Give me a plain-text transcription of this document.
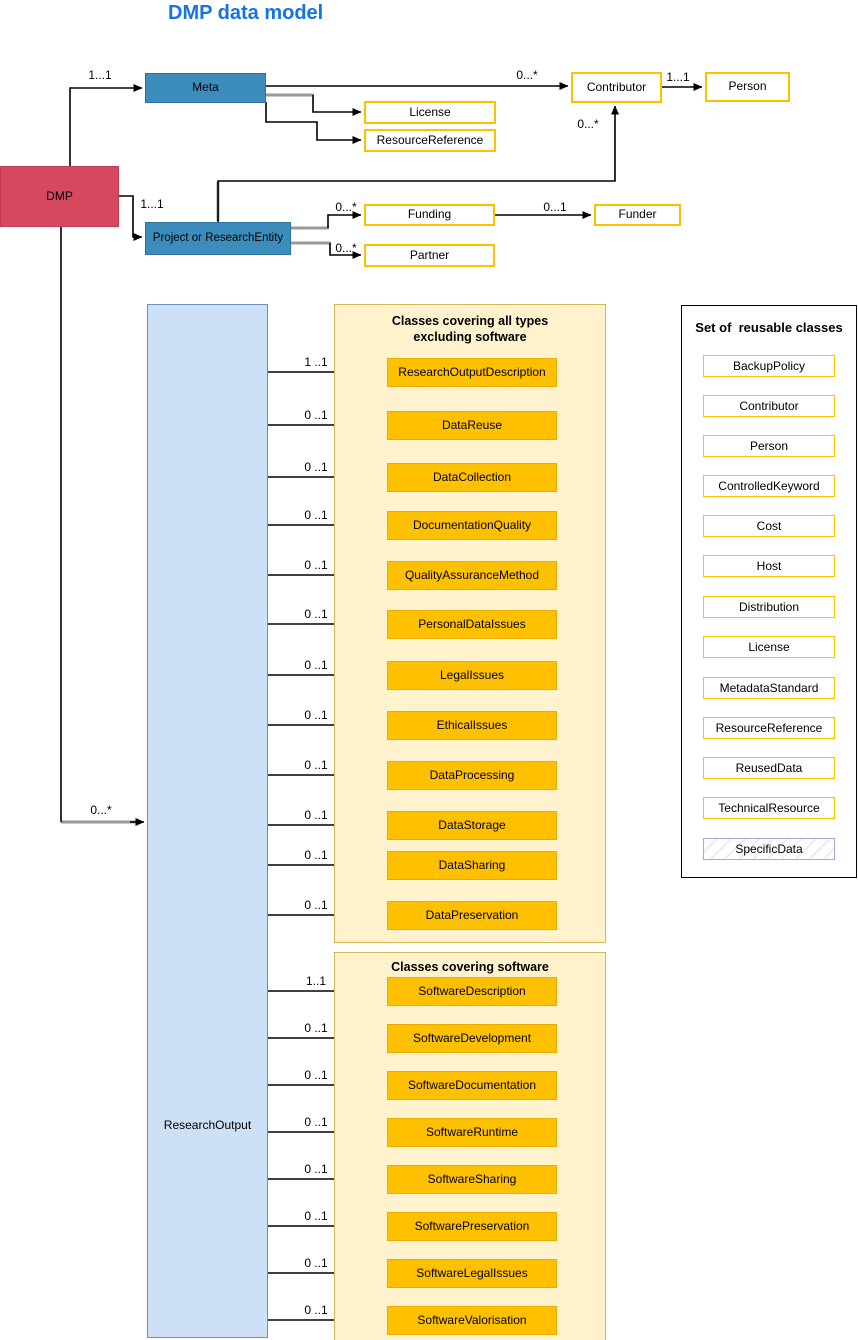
DMP data model
DMP
Meta
Project or ResearchEntity
License
ResourceReference
Contributor	Person
Funding	Funder
Partner
1...1
1...1
0...*
0...*
1...1
0...*
0...*
0...1
0...*
ResearchOutput
Classes covering all types
excluding software
Classes covering software
ResearchOutputDescription
DataReuse
DataCollection
DocumentationQuality
QualityAssuranceMethod
PersonalDataIssues
LegalIssues
EthicalIssues
DataProcessing
DataStorage
DataSharing
DataPreservation
1 ..1
0 ..1
0 ..1
0 ..1
0 ..1
0 ..1
0 ..1
0 ..1
0 ..1
0 ..1
0 ..1
0 ..1
SoftwareDescription
SoftwareDevelopment
SoftwareDocumentation
SoftwareRuntime
SoftwareSharing
SoftwarePreservation
SoftwareLegalIssues
SoftwareValorisation
1..1
0 ..1
0 ..1
0 ..1
0 ..1
0 ..1
0 ..1
0 ..1
Set of  reusable classes
BackupPolicy
Contributor
Person
ControlledKeyword
Cost
Host
Distribution
License
MetadataStandard
ResourceReference
ReusedData
TechnicalResource
SpecificData
